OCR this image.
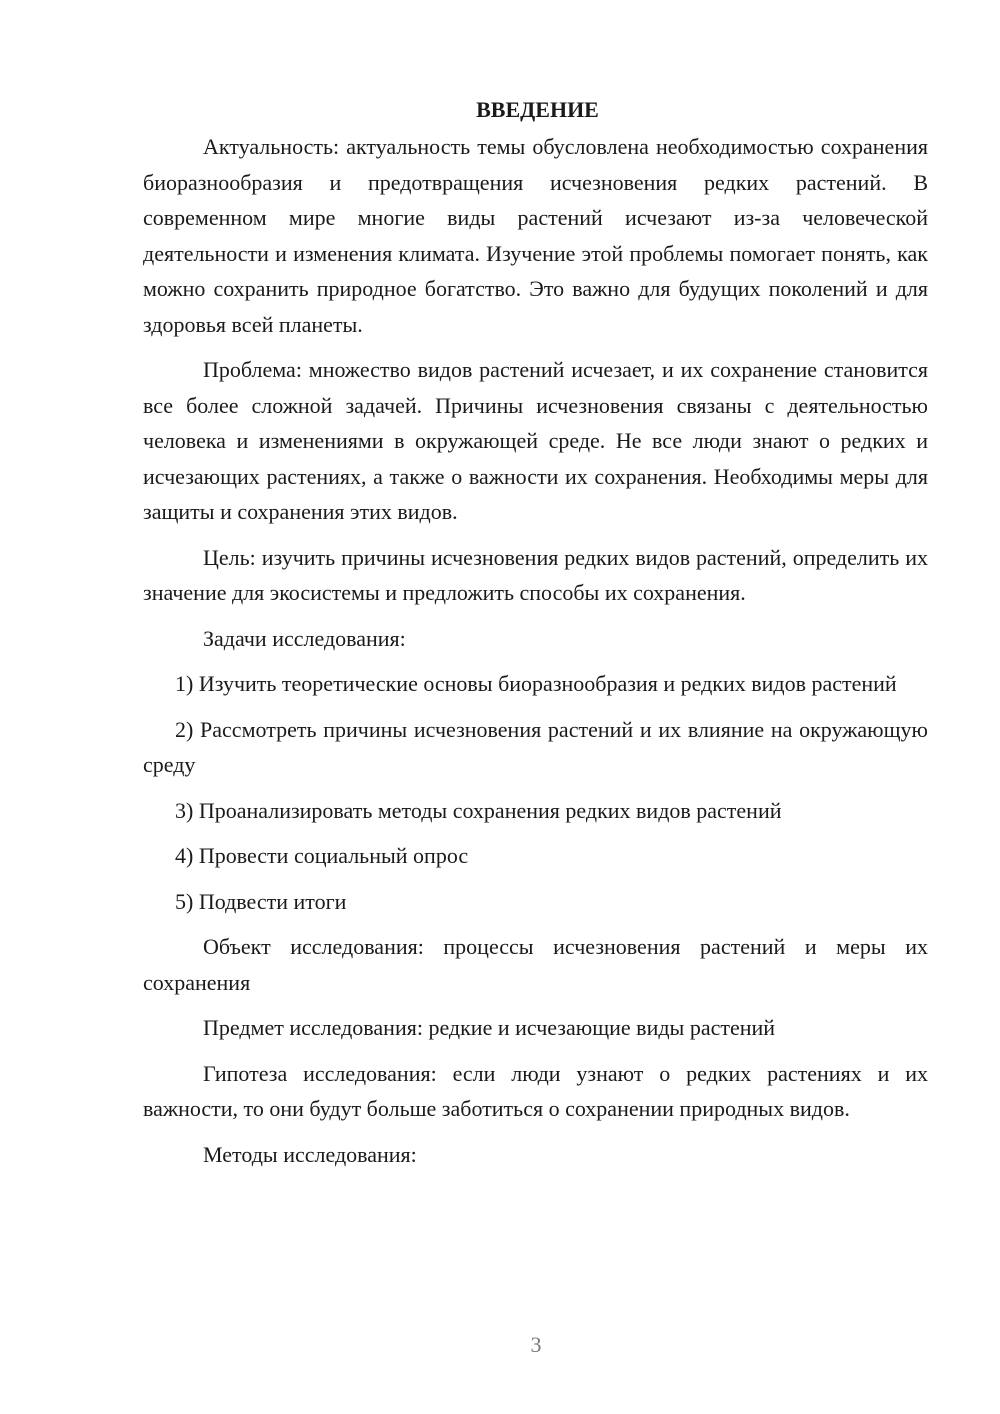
ВВЕДЕНИЕ

Актуальность: актуальность темы обусловлена необходимостью сохранения биоразнообразия и предотвращения исчезновения редких растений. В современном мире многие виды растений исчезают из-за человеческой деятельности и изменения климата. Изучение этой проблемы помогает понять, как можно сохранить природное богатство. Это важно для будущих поколений и для здоровья всей планеты.

Проблема: множество видов растений исчезает, и их сохранение становится все более сложной задачей. Причины исчезновения связаны с деятельностью человека и изменениями в окружающей среде. Не все люди знают о редких и исчезающих растениях, а также о важности их сохранения. Необходимы меры для защиты и сохранения этих видов.

Цель: изучить причины исчезновения редких видов растений, определить их значение для экосистемы и предложить способы их сохранения.

Задачи исследования:

1) Изучить теоретические основы биоразнообразия и редких видов растений

2) Рассмотреть причины исчезновения растений и их влияние на окружающую среду

3) Проанализировать методы сохранения редких видов растений

4) Провести социальный опрос

5) Подвести итоги

Объект исследования: процессы исчезновения растений и меры их сохранения

Предмет исследования: редкие и исчезающие виды растений

Гипотеза исследования: если люди узнают о редких растениях и их важности, то они будут больше заботиться о сохранении природных видов.

Методы исследования:

3
